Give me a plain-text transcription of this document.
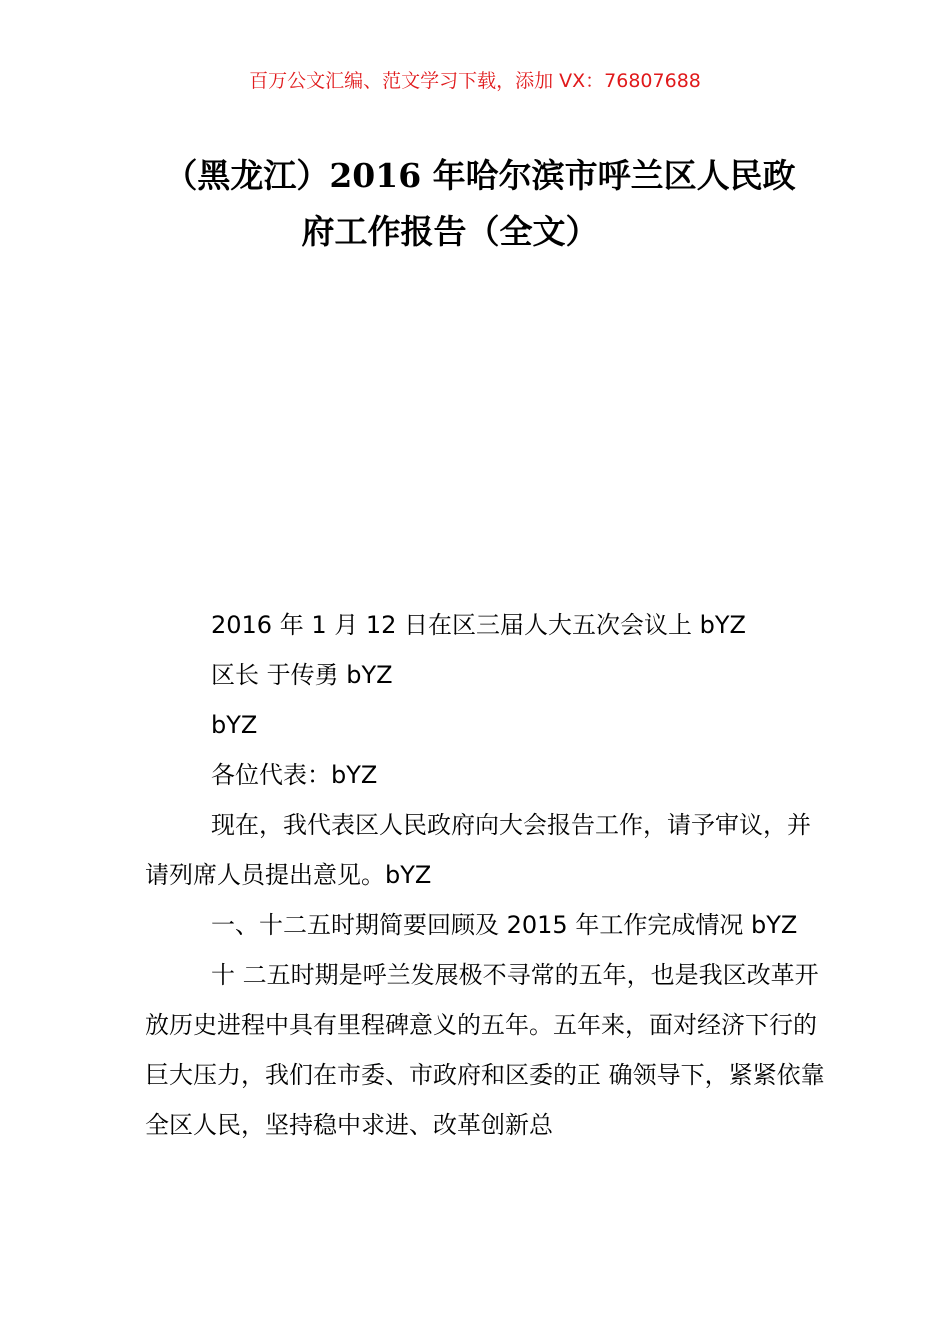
百万公文汇编、范文学习下载，添加 VX：76807688
（黑龙江）2016 年哈尔滨市呼兰区人民政
府工作报告（全文）

2016 年 1 月 12 日在区三届人大五次会议上 bYZ

区长 于传勇 bYZ

bYZ

各位代表：bYZ

现在，我代表区人民政府向大会报告工作，请予审议，并请列席人员提出意见。bYZ

一、十二五时期简要回顾及 2015 年工作完成情况 bYZ

十 二五时期是呼兰发展极不寻常的五年，也是我区改革开放历史进程中具有里程碑意义的五年。五年来，面对经济下行的巨大压力，我们在市委、市政府和区委的正 确领导下，紧紧依靠全区人民，坚持稳中求进、改革创新总
